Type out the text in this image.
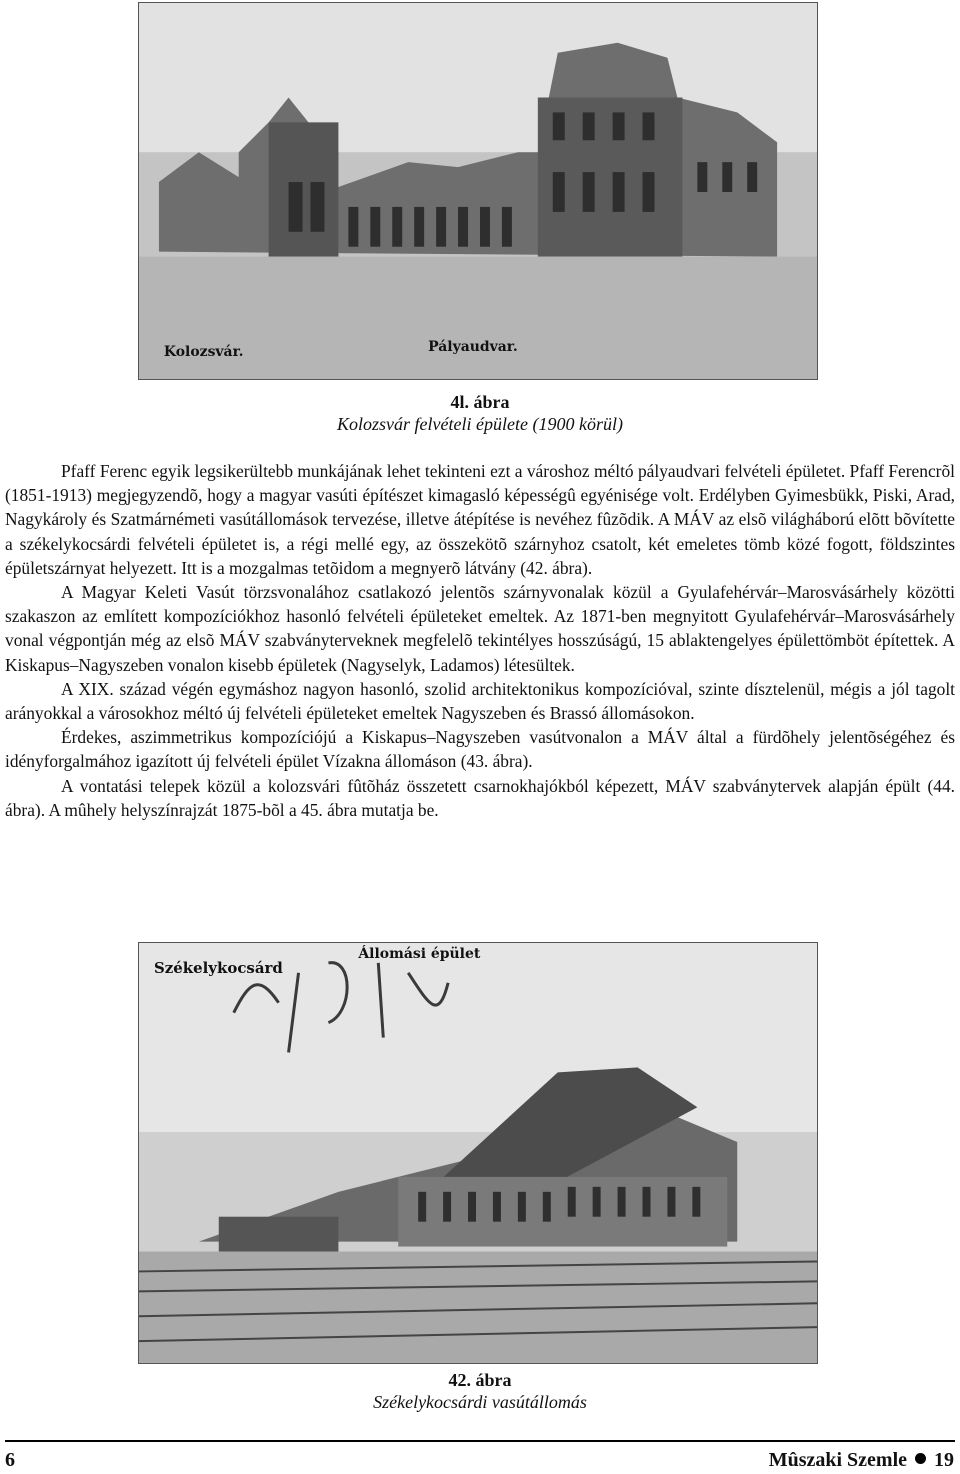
Kolozsvár.	Pályaudvar.
4l. ábra
Kolozsvár felvételi épülete (1900 körül)

Pfaff Ferenc egyik legsikerültebb munkájának lehet tekinteni ezt a városhoz méltó pályaudvari felvételi épületet. Pfaff Ferencrõl (1851-1913) megjegyzendõ, hogy a magyar vasúti építészet kimagasló képességû egyénisége volt. Erdélyben Gyimesbükk, Piski, Arad, Nagykároly és Szatmárnémeti vasútállomások tervezése, illetve átépítése is nevéhez fûzõdik. A MÁV az elsõ világháború elõtt bõvítette a székelykocsárdi felvételi épületet is, a régi mellé egy, az összekötõ szárnyhoz csatolt, két emeletes tömb közé fogott, földszintes épületszárnyat helyezett. Itt is a mozgalmas tetõidom a megnyerõ látvány (42. ábra).

A Magyar Keleti Vasút törzsvonalához csatlakozó jelentõs szárnyvonalak közül a Gyulafehérvár–Marosvásárhely közötti szakaszon az említett kompozíciókhoz hasonló felvételi épületeket emeltek. Az 1871-ben megnyitott Gyulafehérvár–Marosvásárhely vonal végpontján még az elsõ MÁV szabványterveknek megfelelõ tekintélyes hosszúságú, 15 ablaktengelyes épülettömböt építettek. A Kiskapus–Nagyszeben vonalon kisebb épületek (Nagyselyk, Ladamos) létesültek.

A XIX. század végén egymáshoz nagyon hasonló, szolid architektonikus kompozícióval, szinte dísztelenül, mégis a jól tagolt arányokkal a városokhoz méltó új felvételi épületeket emeltek Nagyszeben és Brassó állomásokon.

Érdekes, aszimmetrikus kompozíciójú a Kiskapus–Nagyszeben vasútvonalon a MÁV által a fürdõhely jelentõségéhez és idényforgalmához igazított új felvételi épület Vízakna állomáson (43. ábra).

A vontatási telepek közül a kolozsvári fûtõház összetett csarnokhajókból képezett, MÁV szabványtervek alapján épült (44. ábra). A mûhely helyszínrajzát 1875-bõl a 45. ábra mutatja be.

Székelykocsárd
Állomási épület
42. ábra
Székelykocsárdi vasútállomás
6	Mûszaki Szemle 19
